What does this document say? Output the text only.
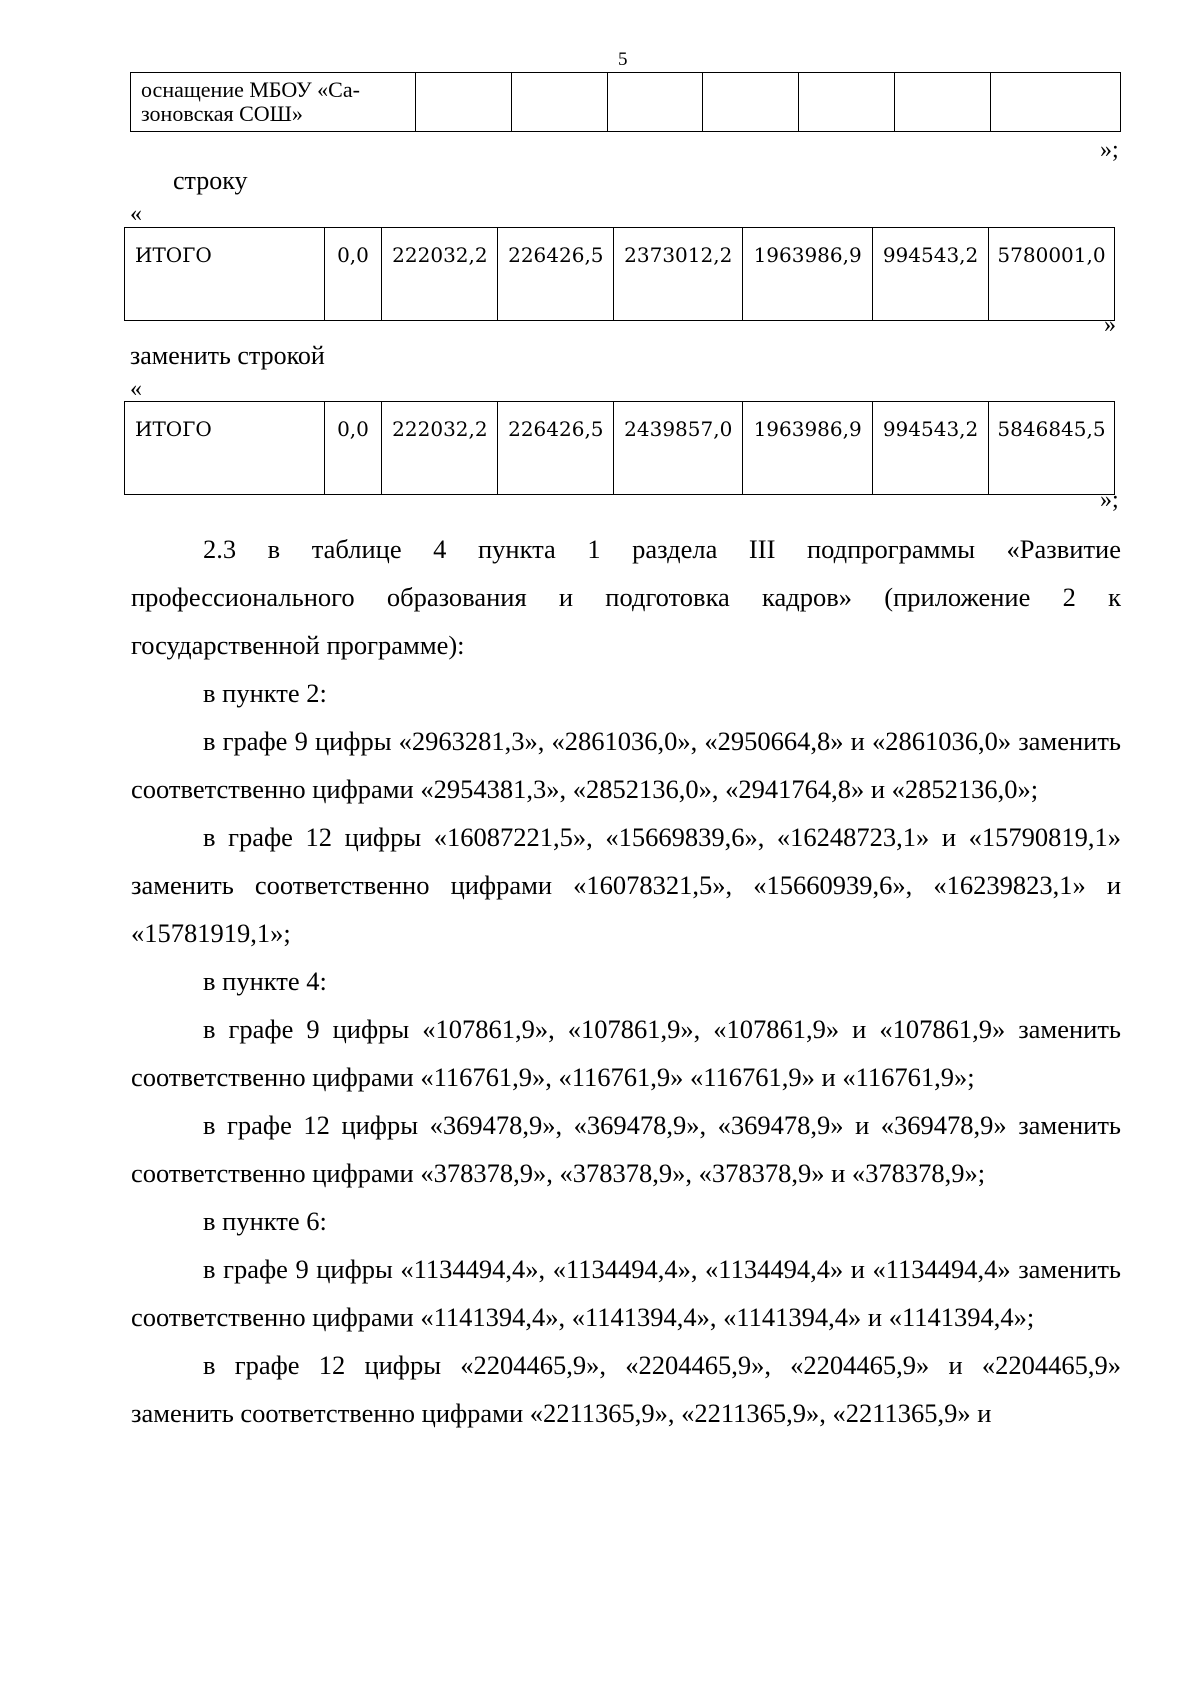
5
оснащение МБОУ «Са-
зоновская СОШ»							
»;
строку
«
ИТОГО	0,0	222032,2	226426,5	2373012,2	1963986,9	994543,2	5780001,0
»
заменить строкой
«
ИТОГО	0,0	222032,2	226426,5	2439857,0	1963986,9	994543,2	5846845,5
»;

2.3 в таблице 4 пункта 1 раздела III подпрограммы «Развитие профессионального образования и подготовка кадров» (приложение 2 к государственной программе):

в пункте 2:

в графе 9 цифры «2963281,3», «2861036,0», «2950664,8» и «2861036,0» заменить соответственно цифрами «2954381,3», «2852136,0», «2941764,8» и «2852136,0»;

в графе 12 цифры «16087221,5», «15669839,6», «16248723,1» и «15790819,1» заменить соответственно цифрами «16078321,5», «15660939,6», «16239823,1» и «15781919,1»;

в пункте 4:

в графе 9 цифры «107861,9», «107861,9», «107861,9» и «107861,9» заменить соответственно цифрами «116761,9», «116761,9» «116761,9» и «116761,9»;

в графе 12 цифры «369478,9», «369478,9», «369478,9» и «369478,9» заменить соответственно цифрами «378378,9», «378378,9», «378378,9» и «378378,9»;

в пункте 6:

в графе 9 цифры «1134494,4», «1134494,4», «1134494,4» и «1134494,4» заменить соответственно цифрами «1141394,4», «1141394,4», «1141394,4» и «1141394,4»;

в графе 12 цифры «2204465,9», «2204465,9», «2204465,9» и «2204465,9» заменить соответственно цифрами «2211365,9», «2211365,9», «2211365,9» и
